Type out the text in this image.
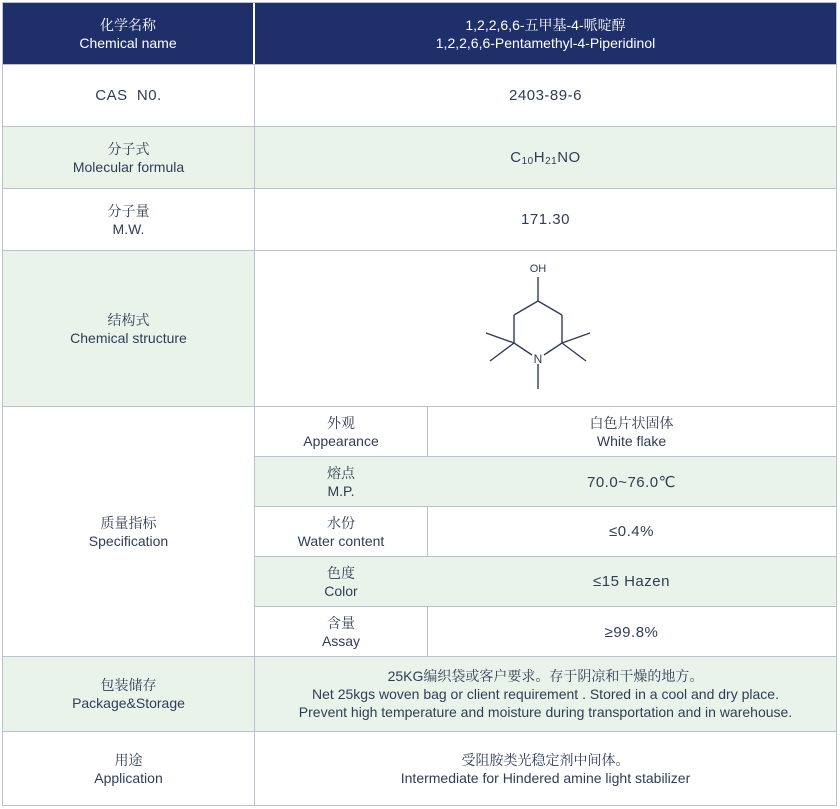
化学名称
Chemical name
1,2,2,6,6-五甲基-4-哌啶醇
1,2,2,6,6-Pentamethyl-4-Piperidinol
CAS  N0.	2403-89-6
分子式
Molecular formula
$C_{10}H_{21}NO$
分子量
M.W.
171.30
结构式
Chemical structure
OH
N
质量指标
Specification
外观
Appearance
白色片状固体
White flake
熔点
M.P.	70.0~76.0℃
水份
Water content
≤0.4%
色度
Color
≤15 Hazen
含量
Assay
≥99.8%
包装储存
Package&Storage
25KG编织袋或客户要求。存于阴凉和干燥的地方。
Net 25kgs woven bag or client requirement . Stored in a cool and dry place.
Prevent high temperature and moisture during transportation and in warehouse.
用途
Application
受阻胺类光稳定剂中间体。
Intermediate for Hindered amine light stabilizer
